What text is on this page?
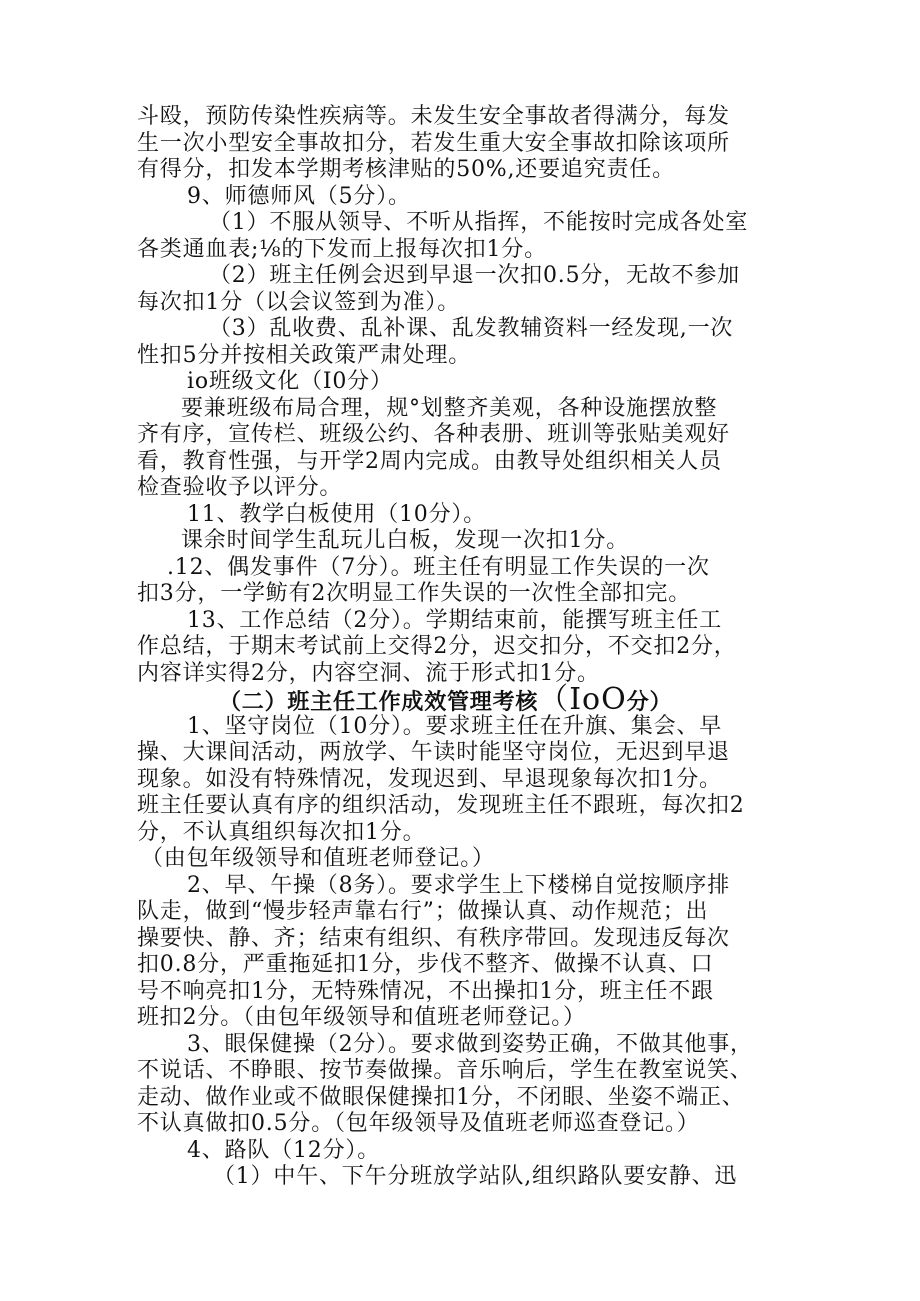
斗殴，预防传染性疾病等。未发生安全事故者得满分，每发
生一次小型安全事故扣分，若发生重大安全事故扣除该项所
有得分，扣发本学期考核津贴的50%,还要追究责任。
9、师德师风（5分）。
（1）不服从领导、不听从指挥，不能按时完成各处室
各类通血表;⅛的下发而上报每次扣1分。
（2）班主任例会迟到早退一次扣0.5分，无故不参加
每次扣1分（以会议签到为准）。
（3）乱收费、乱补课、乱发教辅资料一经发现,一次
性扣5分并按相关政策严肃处理。
io班级文化（I0分）
要兼班级布局合理，规°划整齐美观，各种设施摆放整
齐有序，宣传栏、班级公约、各种表册、班训等张贴美观好
看，教育性强，与开学2周内完成。由教导处组织相关人员
检查验收予以评分。
11、教学白板使用（10分）。
课余时间学生乱玩儿白板，发现一次扣1分。
.12、偶发事件（7分）。班主任有明显工作失误的一次
扣3分，一学鲂有2次明显工作失误的一次性全部扣完。
13、工作总结（2分）。学期结束前，能撰写班主任工
作总结，于期末考试前上交得2分，迟交扣分，不交扣2分，
内容详实得2分，内容空洞、流于形式扣1分。
（二）班主任工作成效管理考核（IoO分）
1、坚守岗位（10分）。要求班主任在升旗、集会、早
操、大课间活动，两放学、午读时能坚守岗位，无迟到早退
现象。如没有特殊情况，发现迟到、早退现象每次扣1分。
班主任要认真有序的组织活动，发现班主任不跟班，每次扣2
分，不认真组织每次扣1分。
（由包年级领导和值班老师登记。）
2、早、午操（8务）。要求学生上下楼梯自觉按顺序排
队走，做到“慢步轻声靠右行”；做操认真、动作规范；出
操要快、静、齐；结束有组织、有秩序带回。发现违反每次
扣0.8分，严重拖延扣1分，步伐不整齐、做操不认真、口
号不响亮扣1分，无特殊情况，不出操扣1分，班主任不跟
班扣2分。（由包年级领导和值班老师登记。）
3、眼保健操（2分）。要求做到姿势正确，不做其他事，
不说话、不睁眼、按节奏做操。音乐响后，学生在教室说笑、
走动、做作业或不做眼保健操扣1分，不闭眼、坐姿不端正、
不认真做扣0.5分。（包年级领导及值班老师巡查登记。）
4、路队（12分）。
（1）中午、下午分班放学站队,组织路队要安静、迅
